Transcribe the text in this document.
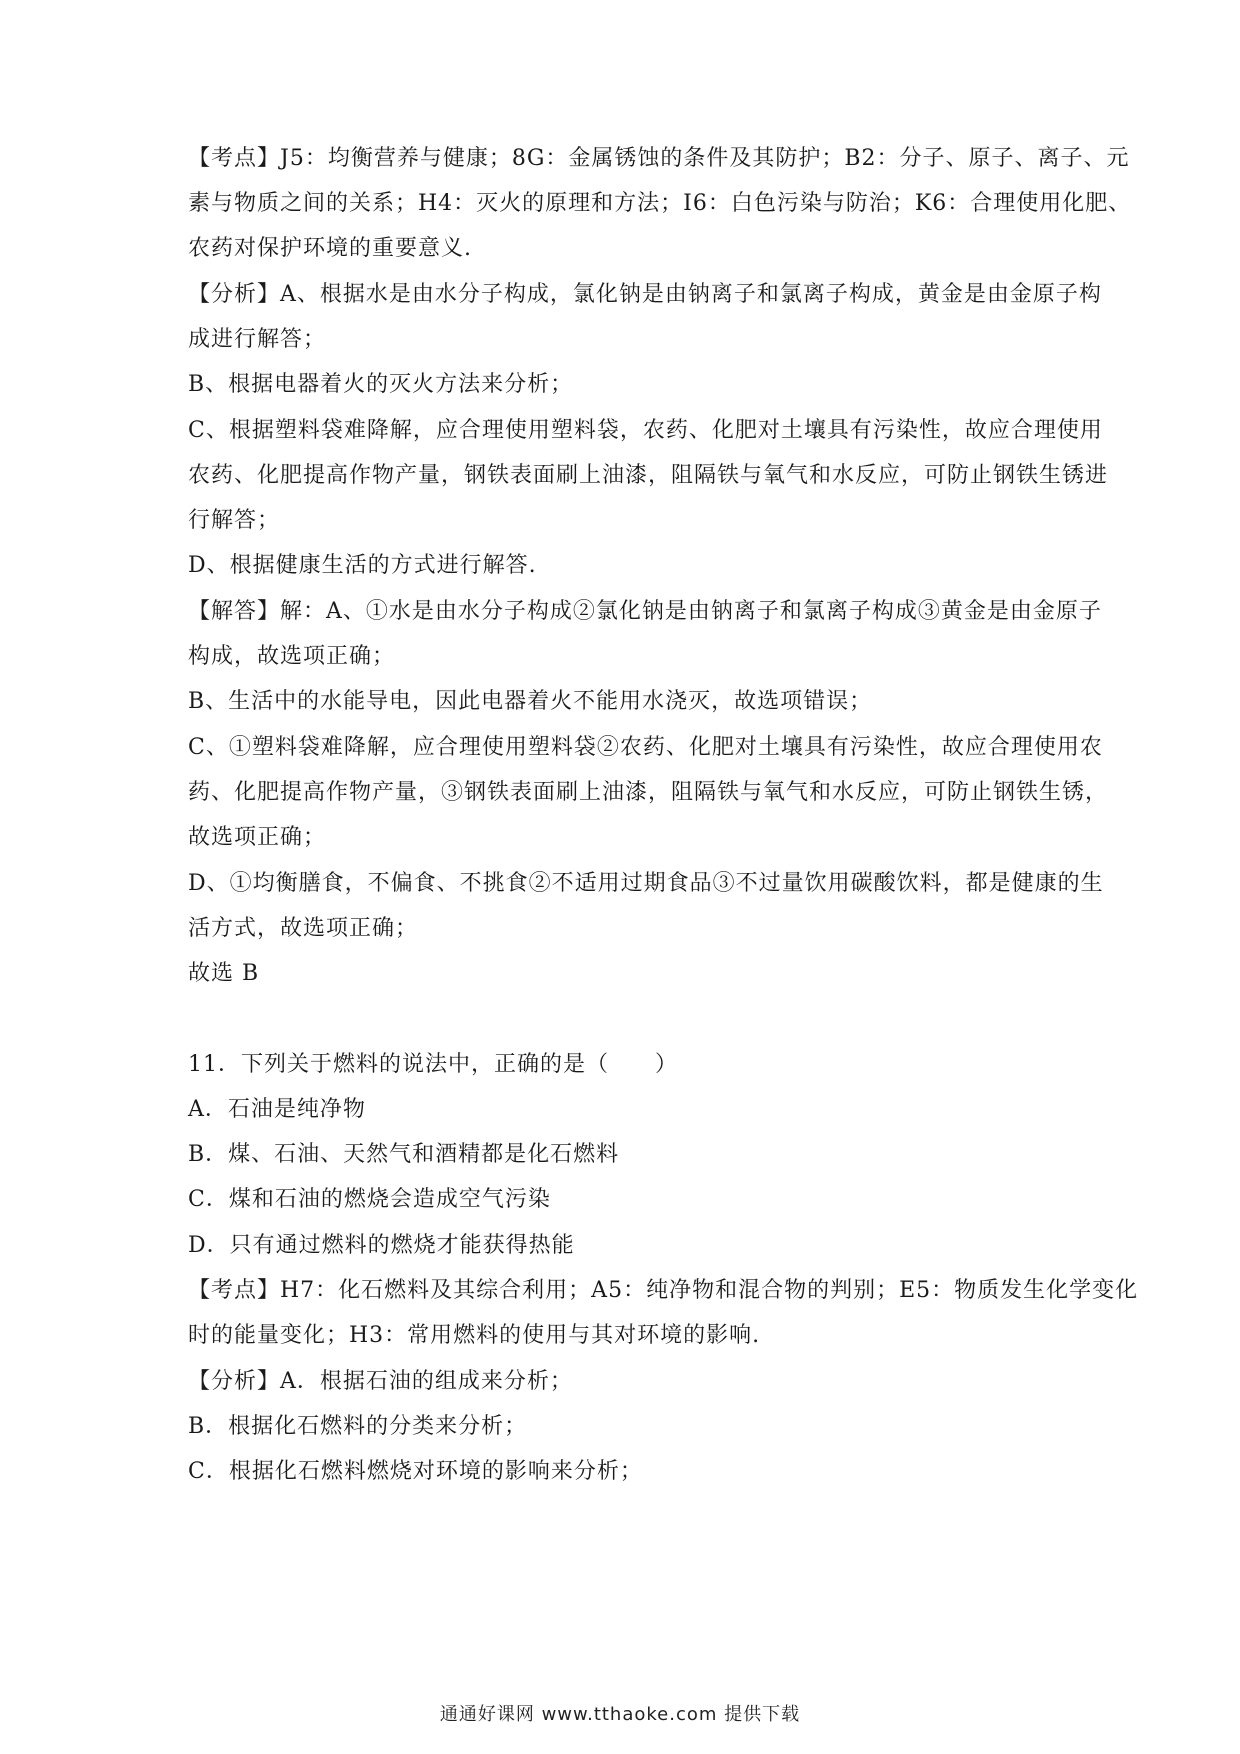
【考点】J5：均衡营养与健康；8G：金属锈蚀的条件及其防护；B2：分子、原子、离子、元
素与物质之间的关系；H4：灭火的原理和方法；I6：白色污染与防治；K6：合理使用化肥、
农药对保护环境的重要意义.
【分析】A、根据水是由水分子构成，氯化钠是由钠离子和氯离子构成，黄金是由金原子构
成进行解答；
B、根据电器着火的灭火方法来分析；
C、根据塑料袋难降解，应合理使用塑料袋，农药、化肥对土壤具有污染性，故应合理使用
农药、化肥提高作物产量，钢铁表面刷上油漆，阻隔铁与氧气和水反应，可防止钢铁生锈进
行解答；
D、根据健康生活的方式进行解答.
【解答】解：A、①水是由水分子构成②氯化钠是由钠离子和氯离子构成③黄金是由金原子
构成，故选项正确；
B、生活中的水能导电，因此电器着火不能用水浇灭，故选项错误；
C、①塑料袋难降解，应合理使用塑料袋②农药、化肥对土壤具有污染性，故应合理使用农
药、化肥提高作物产量，③钢铁表面刷上油漆，阻隔铁与氧气和水反应，可防止钢铁生锈，
故选项正确；
D、①均衡膳食，不偏食、不挑食②不适用过期食品③不过量饮用碳酸饮料，都是健康的生
活方式，故选项正确；
故选 B
11．下列关于燃料的说法中，正确的是（　　）
A．石油是纯净物
B．煤、石油、天然气和酒精都是化石燃料
C．煤和石油的燃烧会造成空气污染
D．只有通过燃料的燃烧才能获得热能
【考点】H7：化石燃料及其综合利用；A5：纯净物和混合物的判别；E5：物质发生化学变化
时的能量变化；H3：常用燃料的使用与其对环境的影响.
【分析】A．根据石油的组成来分析；
B．根据化石燃料的分类来分析；
C．根据化石燃料燃烧对环境的影响来分析；
通通好课网 www.tthaoke.com 提供下载
